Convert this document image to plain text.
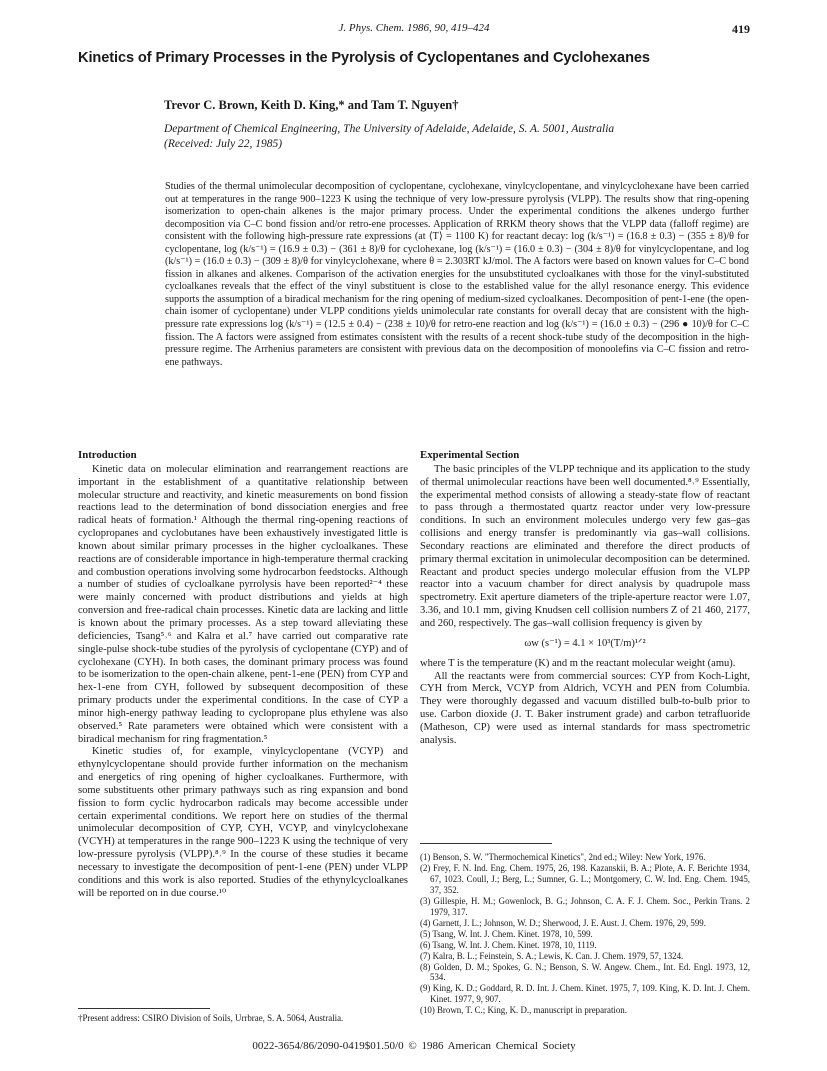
J. Phys. Chem. 1986, 90, 419–424	419
Kinetics of Primary Processes in the Pyrolysis of Cyclopentanes and Cyclohexanes
Trevor C. Brown, Keith D. King,* and Tam T. Nguyen†
Department of Chemical Engineering, The University of Adelaide, Adelaide, S. A. 5001, Australia
(Received: July 22, 1985)
Studies of the thermal unimolecular decomposition of cyclopentane, cyclohexane, vinylcyclopentane, and vinylcyclohexane have been carried out at temperatures in the range 900–1223 K using the technique of very low-pressure pyrolysis (VLPP). The results show that ring-opening isomerization to open-chain alkenes is the major primary process. Under the experimental conditions the alkenes undergo further decomposition via C–C bond fission and/or retro-ene processes. Application of RRKM theory shows that the VLPP data (falloff regime) are consistent with the following high-pressure rate expressions (at ⟨T⟩ = 1100 K) for reactant decay: log (k/s⁻¹) = (16.8 ± 0.3) − (355 ± 8)/θ for cyclopentane, log (k/s⁻¹) = (16.9 ± 0.3) − (361 ± 8)/θ for cyclohexane, log (k/s⁻¹) = (16.0 ± 0.3) − (304 ± 8)/θ for vinylcyclopentane, and log (k/s⁻¹) = (16.0 ± 0.3) − (309 ± 8)/θ for vinylcyclohexane, where θ = 2.303RT kJ/mol. The A factors were based on known values for C–C bond fission in alkanes and alkenes. Comparison of the activation energies for the unsubstituted cycloalkanes with those for the vinyl-substituted cycloalkanes reveals that the effect of the vinyl substituent is close to the established value for the allyl resonance energy. This evidence supports the assumption of a biradical mechanism for the ring opening of medium-sized cycloalkanes. Decomposition of pent-1-ene (the open-chain isomer of cyclopentane) under VLPP conditions yields unimolecular rate constants for overall decay that are consistent with the high-pressure rate expressions log (k/s⁻¹) = (12.5 ± 0.4) − (238 ± 10)/θ for retro-ene reaction and log (k/s⁻¹) = (16.0 ± 0.3) − (296 ● 10)/θ for C–C fission. The A factors were assigned from estimates consistent with the results of a recent shock-tube study of the decomposition in the high-pressure regime. The Arrhenius parameters are consistent with previous data on the decomposition of monoolefins via C–C fission and retro-ene pathways.
Introduction

Kinetic data on molecular elimination and rearrangement reactions are important in the establishment of a quantitative relationship between molecular structure and reactivity, and kinetic measurements on bond fission reactions lead to the determination of bond dissociation energies and free radical heats of formation.¹ Although the thermal ring-opening reactions of cyclopropanes and cyclobutanes have been exhaustively investigated little is known about similar primary processes in the higher cycloalkanes. These reactions are of considerable importance in high-temperature thermal cracking and combustion operations involving some hydrocarbon feedstocks. Although a number of studies of cycloalkane pyrrolysis have been reported²⁻⁴ these were mainly concerned with product distributions and yields at high conversion and free-radical chain processes. Kinetic data are lacking and little is known about the primary processes. As a step toward alleviating these deficiencies, Tsang⁵˒⁶ and Kalra et al.⁷ have carried out comparative rate single-pulse shock-tube studies of the pyrolysis of cyclopentane (CYP) and of cyclohexane (CYH). In both cases, the dominant primary process was found to be isomerization to the open-chain alkene, pent-1-ene (PEN) from CYP and hex-1-ene from CYH, followed by subsequent decomposition of these primary products under the experimental conditions. In the case of CYP a minor high-energy pathway leading to cyclopropane plus ethylene was also observed.⁵ Rate parameters were obtained which were consistent with a biradical mechanism for ring fragmentation.⁵

Kinetic studies of, for example, vinylcyclopentane (VCYP) and ethynylcyclopentane should provide further information on the mechanism and energetics of ring opening of higher cycloalkanes. Furthermore, with some substituents other primary pathways such as ring expansion and bond fission to form cyclic hydrocarbon radicals may become accessible under certain experimental conditions. We report here on studies of the thermal unimolecular decomposition of CYP, CYH, VCYP, and vinylcyclohexane (VCYH) at temperatures in the range 900–1223 K using the technique of very low-pressure pyrolysis (VLPP).⁸˒⁹ In the course of these studies it became necessary to investigate the decomposition of pent-1-ene (PEN) under VLPP conditions and this work is also reported. Studies of the ethynylcycloalkanes will be reported on in due course.¹⁰

†Present address: CSIRO Division of Soils, Urrbrae, S. A. 5064, Australia.
Experimental Section

The basic principles of the VLPP technique and its application to the study of thermal unimolecular reactions have been well documented.⁸˒⁹ Essentially, the experimental method consists of allowing a steady-state flow of reactant to pass through a thermostated quartz reactor under very low-pressure conditions. In such an environment molecules undergo very few gas–gas collisions and energy transfer is predominantly via gas–wall collisions. Secondary reactions are eliminated and therefore the direct products of primary thermal excitation in unimolecular decomposition can be determined. Reactant and product species undergo molecular effusion from the VLPP reactor into a vacuum chamber for direct analysis by quadrupole mass spectrometry. Exit aperture diameters of the triple-aperture reactor were 1.07, 3.36, and 10.1 mm, giving Knudsen cell collision numbers Z of 21 460, 2177, and 260, respectively. The gas–wall collision frequency is given by

ωw (s⁻¹) = 4.1 × 10³(T/m)¹ᐟ²

where T is the temperature (K) and m the reactant molecular weight (amu).

All the reactants were from commercial sources: CYP from Koch-Light, CYH from Merck, VCYP from Aldrich, VCYH and PEN from Columbia. They were thoroughly degassed and vacuum distilled bulb-to-bulb prior to use. Carbon dioxide (J. T. Baker instrument grade) and carbon tetrafluoride (Matheson, CP) were used as internal standards for mass spectrometric analysis.

(1) Benson, S. W. "Thermochemical Kinetics", 2nd ed.; Wiley: New York, 1976.
(2) Frey, F. N. Ind. Eng. Chem. 1975, 26, 198. Kazanskii, B. A.; Plote, A. F. Berichte 1934, 67, 1023. Coull, J.; Berg, L.; Sumner, G. L.; Montgomery, C. W. Ind. Eng. Chem. 1945, 37, 352.
(3) Gillespie, H. M.; Gowenlock, B. G.; Johnson, C. A. F. J. Chem. Soc., Perkin Trans. 2 1979, 317.
(4) Garnett, J. L.; Johnson, W. D.; Sherwood, J. E. Aust. J. Chem. 1976, 29, 599.
(5) Tsang, W. Int. J. Chem. Kinet. 1978, 10, 599.
(6) Tsang, W. Int. J. Chem. Kinet. 1978, 10, 1119.
(7) Kalra, B. L.; Feinstein, S. A.; Lewis, K. Can. J. Chem. 1979, 57, 1324.
(8) Golden, D. M.; Spokes, G. N.; Benson, S. W. Angew. Chem., Int. Ed. Engl. 1973, 12, 534.
(9) King, K. D.; Goddard, R. D. Int. J. Chem. Kinet. 1975, 7, 109. King, K. D. Int. J. Chem. Kinet. 1977, 9, 907.
(10) Brown, T. C.; King, K. D., manuscript in preparation.
0022-3654/86/2090-0419$01.50/0 © 1986 American Chemical Society
